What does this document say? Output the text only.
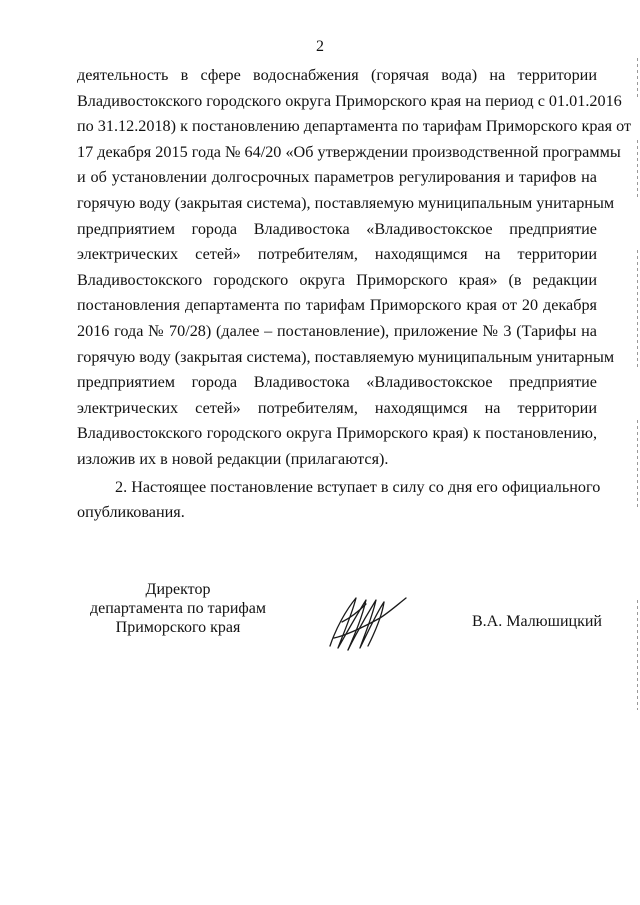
2
деятельность в сфере водоснабжения (горячая вода) на территории
Владивостокского городского округа Приморского края на период с 01.01.2016
по 31.12.2018) к постановлению департамента по тарифам Приморского края от
17 декабря 2015 года № 64/20 «Об утверждении производственной программы
и об установлении долгосрочных параметров регулирования и тарифов на
горячую воду (закрытая система), поставляемую муниципальным унитарным
предприятием города Владивостока «Владивостокское предприятие
электрических сетей» потребителям, находящимся на территории
Владивостокского городского округа Приморского края» (в редакции
постановления департамента по тарифам Приморского края от 20 декабря
2016 года № 70/28) (далее – постановление), приложение № 3 (Тарифы на
горячую воду (закрытая система), поставляемую муниципальным унитарным
предприятием города Владивостока «Владивостокское предприятие
электрических сетей» потребителям, находящимся на территории
Владивостокского городского округа Приморского края) к постановлению,
изложив их в новой редакции (прилагаются).
2. Настоящее постановление вступает в силу со дня его официального
опубликования.
Директор
департамента по тарифам
Приморского края	В.А. Малюшицкий
